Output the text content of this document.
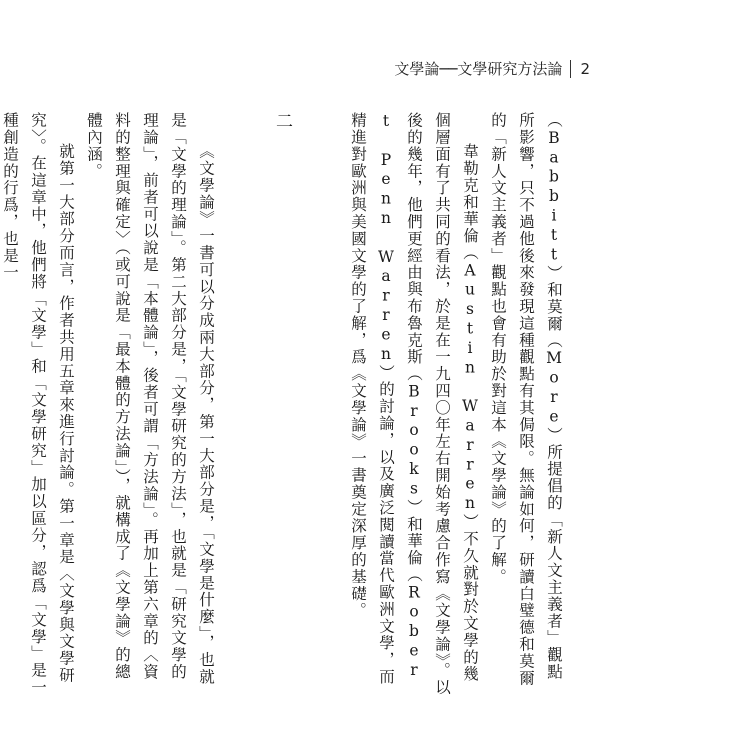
文學論──文學研究方法論 2

（Babbitt）和莫爾（More）所提倡的「新人文主義者」觀點所影響，只不過他後來發現這種觀點有其侷限。無論如何，研讀白璧德和莫爾的「新人文主義者」觀點也會有助於對這本《文學論》的了解。

韋勒克和華倫（Austin Warren）不久就對於文學的幾個層面有了共同的看法，於是在一九四〇年左右開始考慮合作寫《文學論》。以後的幾年，他們更經由與布魯克斯（Brooks）和華倫（Robert Penn Warren）的討論，以及廣泛閱讀當代歐洲文學，而精進對歐洲與美國文學的了解，爲《文學論》一書奠定深厚的基礎。

二

《文學論》一書可以分成兩大部分，第一大部分是，「文學是什麼」，也就是「文學的理論」。第二大部分是，「文學研究的方法」，也就是「研究文學的理論」，前者可以說是「本體論」，後者可謂「方法論」。再加上第六章的〈資料的整理與確定〉（或可說是「最本體的方法論」），就構成了《文學論》的總體內涵。

就第一大部分而言，作者共用五章來進行討論。第一章是〈文學與文學研究〉。在這章中，他們將「文學」和「文學研究」加以區分，認爲「文學」是一種創造的行爲，也是一
